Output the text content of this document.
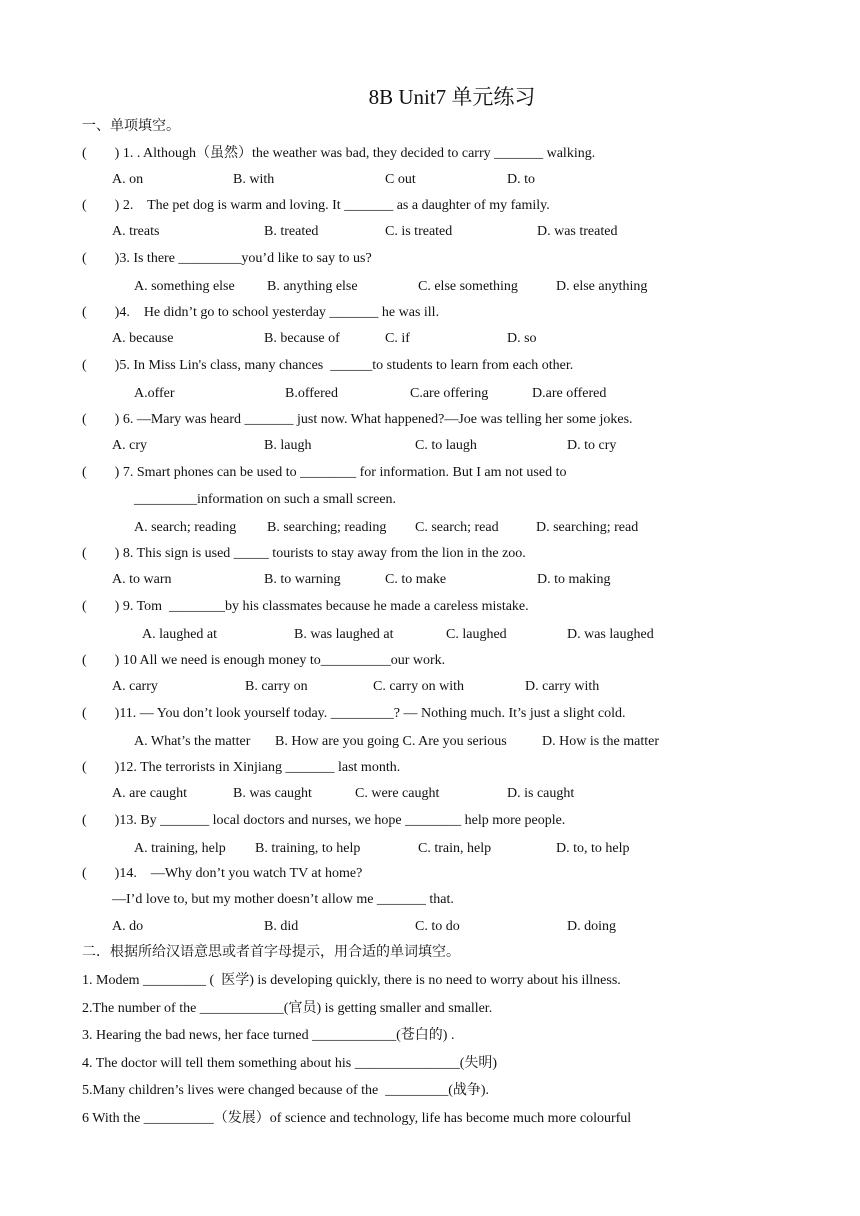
8B Unit7 单元练习
一、单项填空。
(        ) 1. . Although（虽然）the weather was bad, they decided to carry _______ walking.
A. on	B. with	C out	D. to
(        ) 2.    The pet dog is warm and loving. It _______ as a daughter of my family.
A. treats	B. treated	C. is treated	D. was treated
(        )3. Is there _________you’d like to say to us?
A. something else B. anything else	C. else something	D. else anything
(        )4.    He didn’t go to school yesterday _______ he was ill.
A. because	B. because of	C. if	D. so
(        )5. In Miss Lin's class, many chances  ______to students to learn from each other.
A.offer	B.offered	C.are offering	D.are offered
(        ) 6. —Mary was heard _______ just now. What happened?—Joe was telling her some jokes.
A. cry	B. laugh	C. to laugh	D. to cry
(        ) 7. Smart phones can be used to ________ for information. But I am not used to
_________information on such a small screen.
A. search; reading B. searching; reading C. search; read	D. searching; read
(        ) 8. This sign is used _____ tourists to stay away from the lion in the zoo.
A. to warn	B. to warning	C. to make	D. to making
(        ) 9. Tom  ________by his classmates because he made a careless mistake.
A. laughed at	B. was laughed at	C. laughed	D. was laughed
(        ) 10 All we need is enough money to__________our work.
A. carry	B. carry on	C. carry on with	D. carry with
(        )11. — You don’t look yourself today. _________? — Nothing much. It’s just a slight cold.
A. What’s the matter B. How are you going C. Are you serious	D. How is the matter
(        )12. The terrorists in Xinjiang _______ last month.
A. are caught	B. was caught	C. were caught	D. is caught
(        )13. By _______ local doctors and nurses, we hope ________ help more people.
A. training, help B. training, to help	C. train, help	D. to, to help
(        )14.    —Why don’t you watch TV at home?
—I’d love to, but my mother doesn’t allow me _______ that.
A. do	B. did	C. to do	D. doing
二．根据所给汉语意思或者首字母提示，用合适的单词填空。
1. Modem _________ (  医学) is developing quickly, there is no need to worry about his illness.
2.The number of the ____________(官员) is getting smaller and smaller.
3. Hearing the bad news, her face turned ____________(苍白的) .
4. The doctor will tell them something about his _______________(失明)
5.Many children’s lives were changed because of the  _________(战争).
6 With the __________（发展）of science and technology, life has become much more colourful
